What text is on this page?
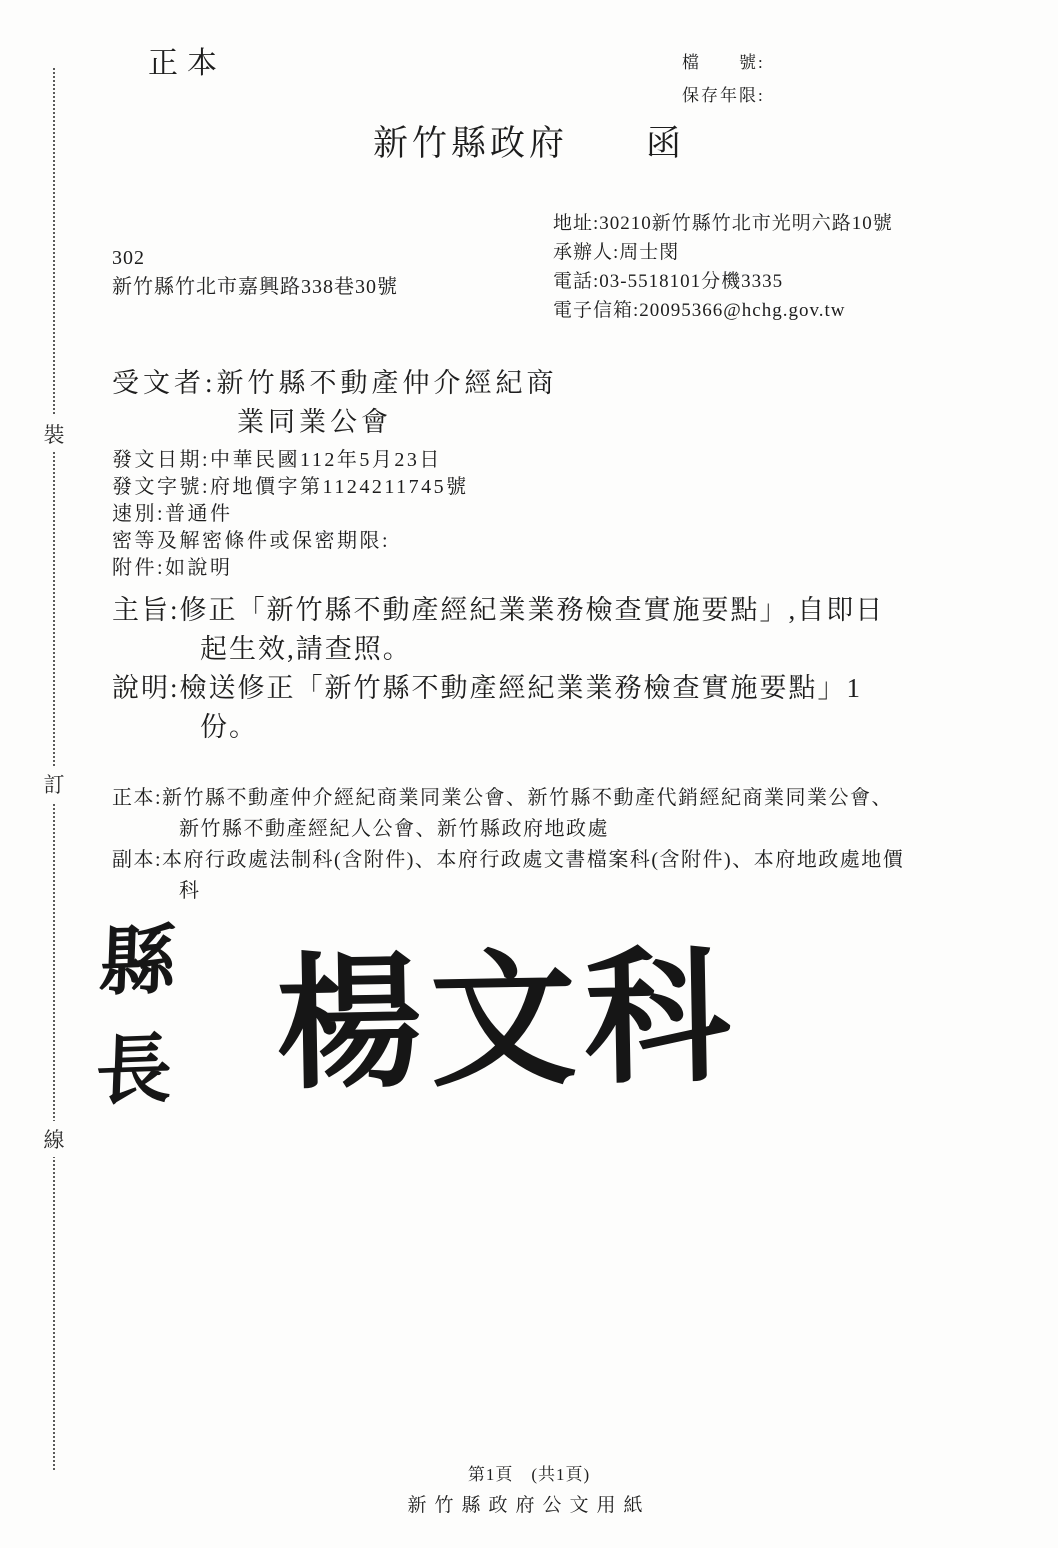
裝
訂
線
正本	檔　　號:
保存年限:
新竹縣政府　　函
302
新竹縣竹北市嘉興路338巷30號
地址:30210新竹縣竹北市光明六路10號
承辦人:周士閔
電話:03-5518101分機3335
電子信箱:20095366@hchg.gov.tw
受文者:新竹縣不動產仲介經紀商
業同業公會
發文日期:中華民國112年5月23日
發文字號:府地價字第1124211745號
速別:普通件
密等及解密條件或保密期限:
附件:如說明
主旨:修正「新竹縣不動產經紀業業務檢查實施要點」,自即日
起生效,請查照。
說明:檢送修正「新竹縣不動產經紀業業務檢查實施要點」1
份。
正本:新竹縣不動產仲介經紀商業同業公會、新竹縣不動產代銷經紀商業同業公會、
新竹縣不動產經紀人公會、新竹縣政府地政處
副本:本府行政處法制科(含附件)、本府行政處文書檔案科(含附件)、本府地政處地價
科
縣長 楊文科
第1頁　(共1頁)
新竹縣政府公文用紙
